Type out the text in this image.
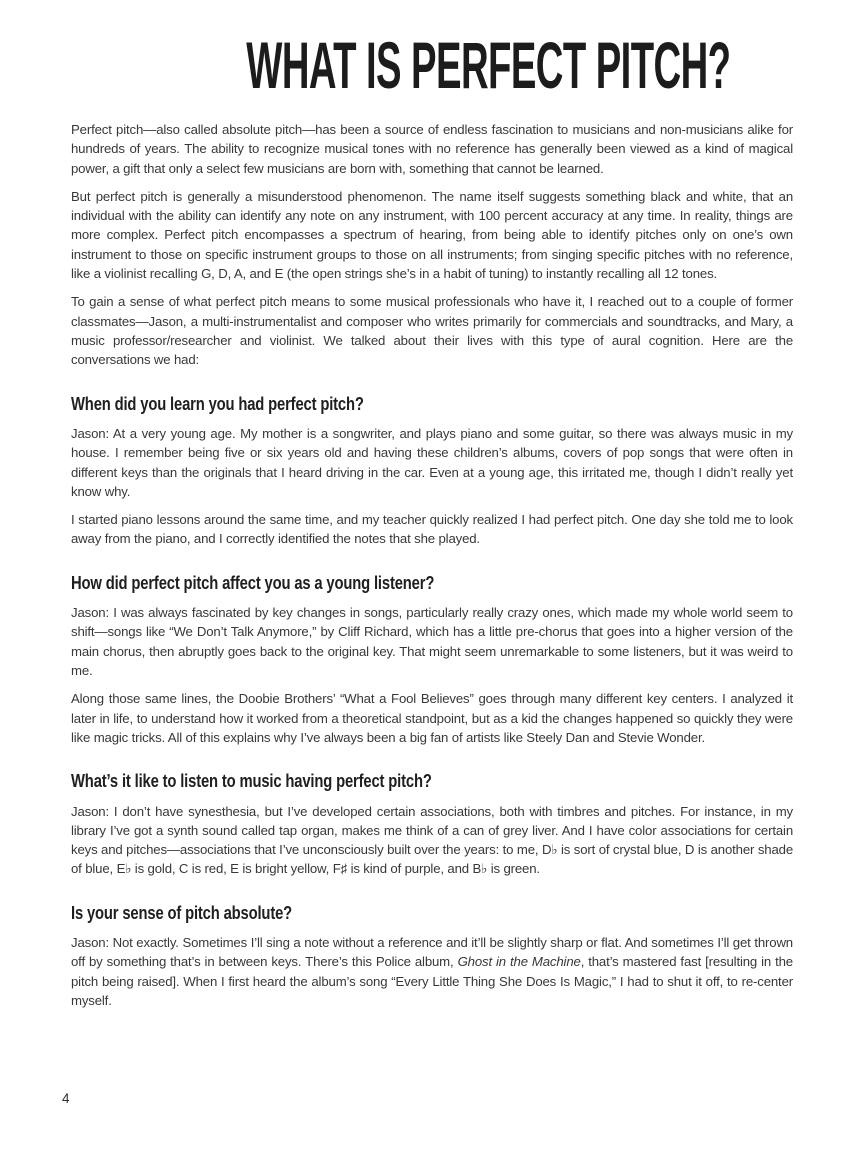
WHAT IS PERFECT PITCH?

Perfect pitch—also called absolute pitch—has been a source of endless fascination to musicians and non-musicians alike for hundreds of years. The ability to recognize musical tones with no reference has generally been viewed as a kind of magical power, a gift that only a select few musicians are born with, something that cannot be learned.

But perfect pitch is generally a misunderstood phenomenon. The name itself suggests something black and white, that an individual with the ability can identify any note on any instrument, with 100 percent accuracy at any time. In reality, things are more complex. Perfect pitch encompasses a spectrum of hearing, from being able to identify pitches only on one’s own instrument to those on specific instrument groups to those on all instruments; from singing specific pitches with no reference, like a violinist recalling G, D, A, and E (the open strings she’s in a habit of tuning) to instantly recalling all 12 tones.

To gain a sense of what perfect pitch means to some musical professionals who have it, I reached out to a couple of former classmates—Jason, a multi-instrumentalist and composer who writes primarily for commercials and soundtracks, and Mary, a music professor/researcher and violinist. We talked about their lives with this type of aural cognition. Here are the conversations we had:

When did you learn you had perfect pitch?

Jason: At a very young age. My mother is a songwriter, and plays piano and some guitar, so there was always music in my house. I remember being five or six years old and having these children’s albums, covers of pop songs that were often in different keys than the originals that I heard driving in the car. Even at a young age, this irritated me, though I didn’t really yet know why.

I started piano lessons around the same time, and my teacher quickly realized I had perfect pitch. One day she told me to look away from the piano, and I correctly identified the notes that she played.

How did perfect pitch affect you as a young listener?

Jason: I was always fascinated by key changes in songs, particularly really crazy ones, which made my whole world seem to shift—songs like “We Don’t Talk Anymore,” by Cliff Richard, which has a little pre-chorus that goes into a higher version of the main chorus, then abruptly goes back to the original key. That might seem unremarkable to some listeners, but it was weird to me.

Along those same lines, the Doobie Brothers’ “What a Fool Believes” goes through many different key centers. I analyzed it later in life, to understand how it worked from a theoretical standpoint, but as a kid the changes happened so quickly they were like magic tricks. All of this explains why I’ve always been a big fan of artists like Steely Dan and Stevie Wonder.

What’s it like to listen to music having perfect pitch?

Jason: I don’t have synesthesia, but I’ve developed certain associations, both with timbres and pitches. For instance, in my library I’ve got a synth sound called tap organ, makes me think of a can of grey liver. And I have color associations for certain keys and pitches—associations that I’ve unconsciously built over the years: to me, D♭ is sort of crystal blue, D is another shade of blue, E♭ is gold, C is red, E is bright yellow, F♯ is kind of purple, and B♭ is green.

Is your sense of pitch absolute?

Jason: Not exactly. Sometimes I’ll sing a note without a reference and it’ll be slightly sharp or flat. And sometimes I’ll get thrown off by something that’s in between keys. There’s this Police album, Ghost in the Machine, that’s mastered fast [resulting in the pitch being raised]. When I first heard the album’s song “Every Little Thing She Does Is Magic,” I had to shut it off, to re-center myself.

4
